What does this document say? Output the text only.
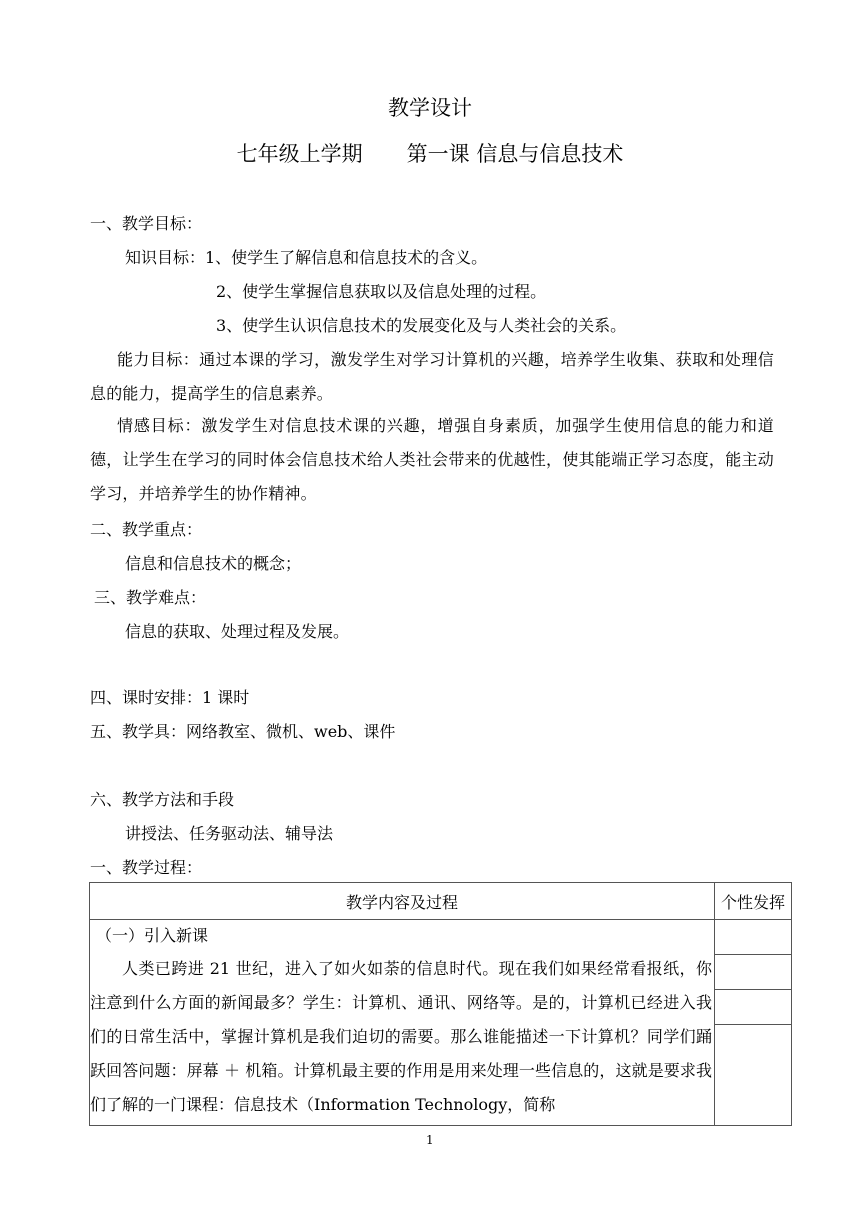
教学设计
七年级上学期 第一课 信息与信息技术
一、教学目标：
知识目标：1、使学生了解信息和信息技术的含义。
2、使学生掌握信息获取以及信息处理的过程。
3、使学生认识信息技术的发展变化及与人类社会的关系。
能力目标：通过本课的学习，激发学生对学习计算机的兴趣，培养学生收集、获取和处理信息的能力，提高学生的信息素养。
情感目标：激发学生对信息技术课的兴趣，增强自身素质，加强学生使用信息的能力和道德，让学生在学习的同时体会信息技术给人类社会带来的优越性，使其能端正学习态度，能主动学习，并培养学生的协作精神。
二、教学重点：
信息和信息技术的概念；
三、教学难点：
信息的获取、处理过程及发展。
四、课时安排：1 课时
五、教学具：网络教室、微机、web、课件
六、教学方法和手段
讲授法、任务驱动法、辅导法
一、教学过程：
教学内容及过程	个性发挥

（一）引入新课
人类已跨进 21 世纪，进入了如火如荼的信息时代。现在我们如果经常看报纸，你注意到什么方面的新闻最多？学生：计算机、通讯、网络等。是的，计算机已经进入我们的日常生活中，掌握计算机是我们迫切的需要。那么谁能描述一下计算机？同学们踊跃回答问题：屏幕 ＋ 机箱。计算机最主要的作用是用来处理一些信息的，这就是要求我们了解的一门课程：信息技术（Information Technology，简称	

1
